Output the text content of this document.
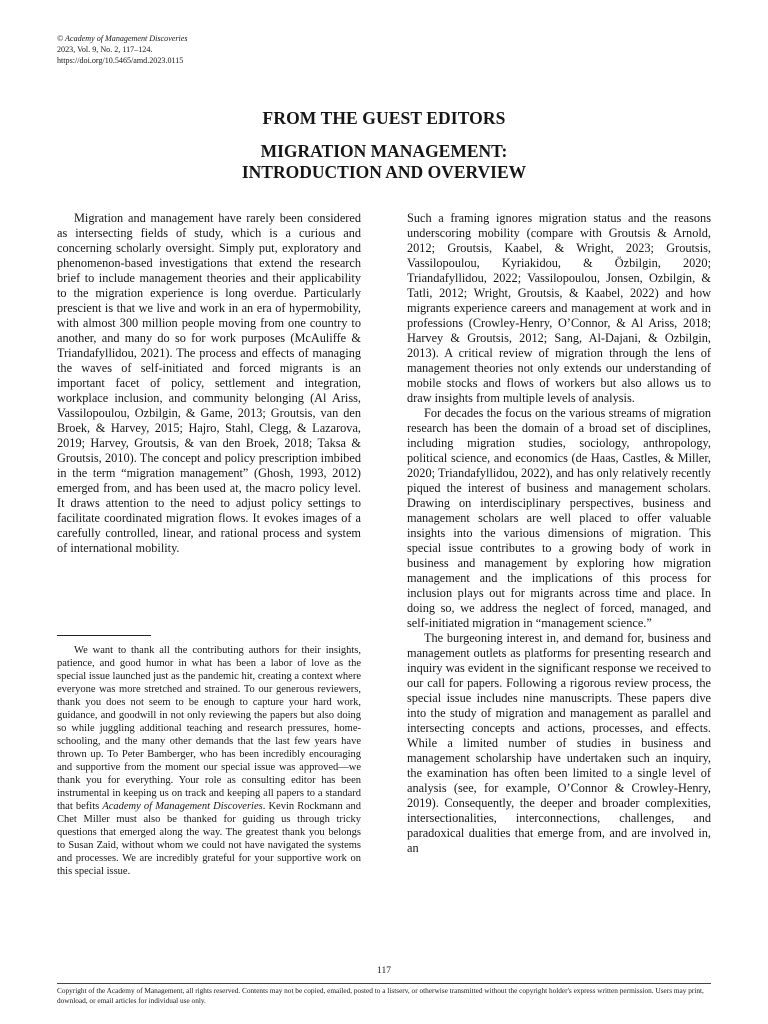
© Academy of Management Discoveries
2023, Vol. 9, No. 2, 117–124.
https://doi.org/10.5465/amd.2023.0115
FROM THE GUEST EDITORS
MIGRATION MANAGEMENT:
INTRODUCTION AND OVERVIEW

Migration and management have rarely been considered as intersecting fields of study, which is a curious and concerning scholarly oversight. Simply put, exploratory and phenomenon-based investigations that extend the research brief to include management theories and their applicability to the migration experience is long overdue. Particularly prescient is that we live and work in an era of hypermobility, with almost 300 million people moving from one country to another, and many do so for work purposes (McAuliffe & Triandafyllidou, 2021). The process and effects of managing the waves of self-initiated and forced migrants is an important facet of policy, settlement and integration, workplace inclusion, and community belonging (Al Ariss, Vassilopoulou, Ozbilgin, & Game, 2013; Groutsis, van den Broek, & Harvey, 2015; Hajro, Stahl, Clegg, & Lazarova, 2019; Harvey, Groutsis, & van den Broek, 2018; Taksa & Groutsis, 2010). The concept and policy prescription imbibed in the term “migration management” (Ghosh, 1993, 2012) emerged from, and has been used at, the macro policy level. It draws attention to the need to adjust policy settings to facilitate coordinated migration flows. It evokes images of a carefully controlled, linear, and rational process and system of international mobility.

We want to thank all the contributing authors for their insights, patience, and good humor in what has been a labor of love as the special issue launched just as the pandemic hit, creating a context where everyone was more stretched and strained. To our generous reviewers, thank you does not seem to be enough to capture your hard work, guidance, and goodwill in not only reviewing the papers but also doing so while juggling additional teaching and research pressures, home-schooling, and the many other demands that the last few years have thrown up. To Peter Bamberger, who has been incredibly encouraging and supportive from the moment our special issue was approved—we thank you for everything. Your role as consulting editor has been instrumental in keeping us on track and keeping all papers to a standard that befits Academy of Management Discoveries. Kevin Rockmann and Chet Miller must also be thanked for guiding us through tricky questions that emerged along the way. The greatest thank you belongs to Susan Zaid, without whom we could not have navigated the systems and processes. We are incredibly grateful for your supportive work on this special issue.

Such a framing ignores migration status and the reasons underscoring mobility (compare with Groutsis & Arnold, 2012; Groutsis, Kaabel, & Wright, 2023; Groutsis, Vassilopoulou, Kyriakidou, & Özbilgin, 2020; Triandafyllidou, 2022; Vassilopoulou, Jonsen, Ozbilgin, & Tatli, 2012; Wright, Groutsis, & Kaabel, 2022) and how migrants experience careers and management at work and in professions (Crowley-Henry, O’Connor, & Al Ariss, 2018; Harvey & Groutsis, 2012; Sang, Al-Dajani, & Ozbilgin, 2013). A critical review of migration through the lens of management theories not only extends our understanding of mobile stocks and flows of workers but also allows us to draw insights from multiple levels of analysis.

For decades the focus on the various streams of migration research has been the domain of a broad set of disciplines, including migration studies, sociology, anthropology, political science, and economics (de Haas, Castles, & Miller, 2020; Triandafyllidou, 2022), and has only relatively recently piqued the interest of business and management scholars. Drawing on interdisciplinary perspectives, business and management scholars are well placed to offer valuable insights into the various dimensions of migration. This special issue contributes to a growing body of work in business and management by exploring how migration management and the implications of this process for inclusion plays out for migrants across time and place. In doing so, we address the neglect of forced, managed, and self-initiated migration in “management science.”

The burgeoning interest in, and demand for, business and management outlets as platforms for presenting research and inquiry was evident in the significant response we received to our call for papers. Following a rigorous review process, the special issue includes nine manuscripts. These papers dive into the study of migration and management as parallel and intersecting concepts and actions, processes, and effects. While a limited number of studies in business and management scholarship have undertaken such an inquiry, the examination has often been limited to a single level of analysis (see, for example, O’Connor & Crowley-Henry, 2019). Consequently, the deeper and broader complexities, intersectionalities, interconnections, challenges, and paradoxical dualities that emerge from, and are involved in, an

117
Copyright of the Academy of Management, all rights reserved. Contents may not be copied, emailed, posted to a listserv, or otherwise transmitted without the copyright holder's express written permission. Users may print, download, or email articles for individual use only.
